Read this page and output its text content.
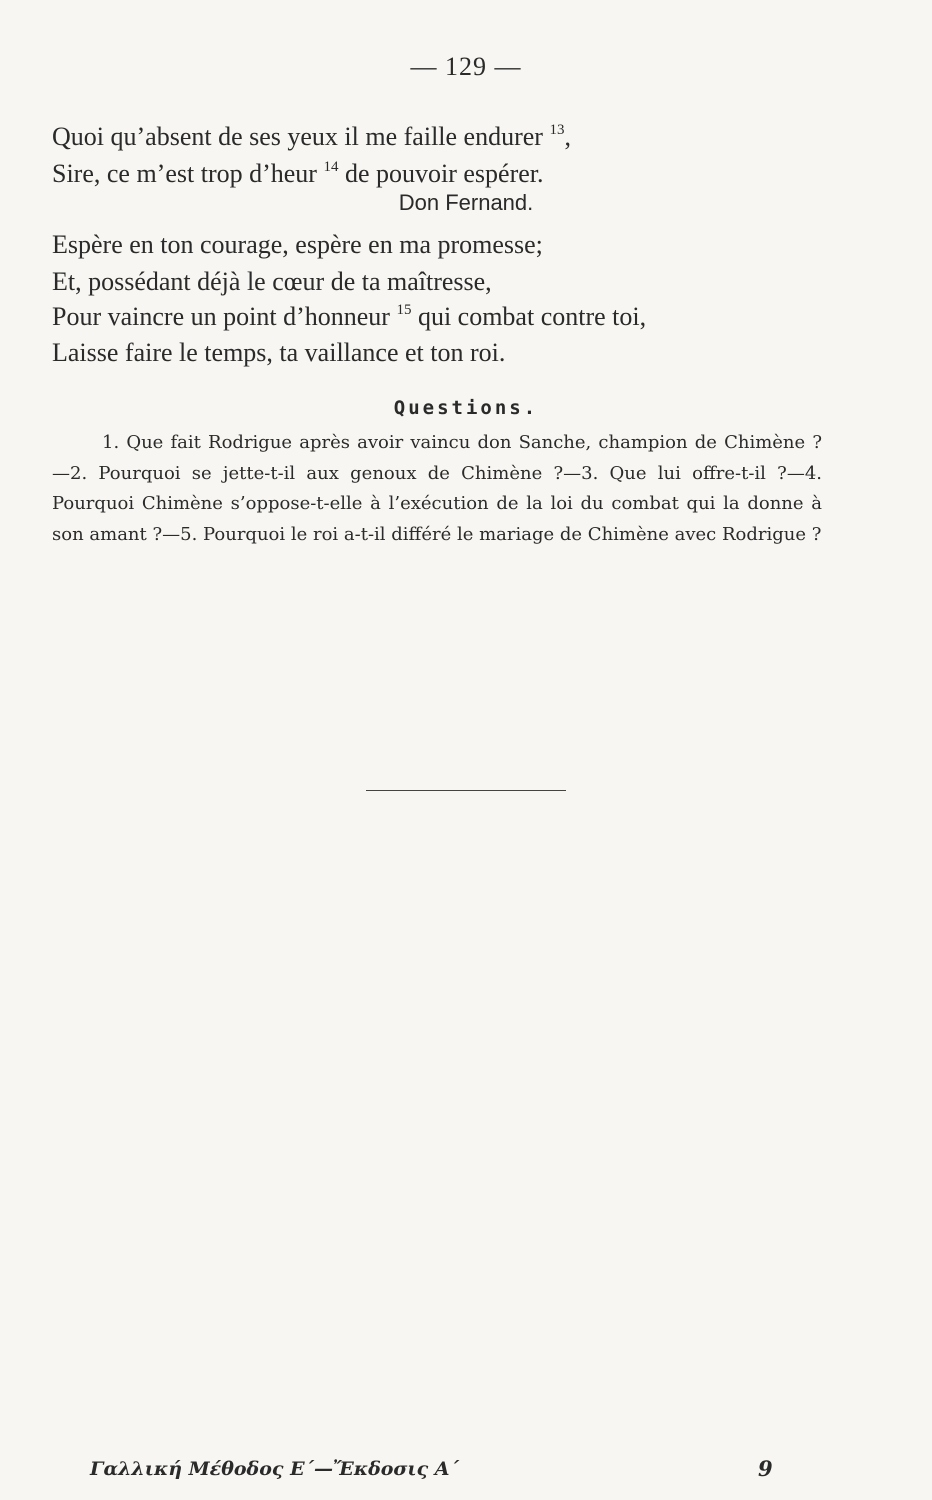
— 129 —
Quoi qu’absent de ses yeux il me faille endurer $^{13}$,
Sire, ce m’est trop d’heur $^{14}$ de pouvoir espérer.
Don Fernand.
Espère en ton courage, espère en ma promesse;
Et, possédant déjà le cœur de ta maîtresse,
Pour vaincre un point d’honneur $^{15}$ qui combat contre toi,
Laisse faire le temps, ta vaillance et ton roi.
Questions.
1. Que fait Rodrigue après avoir vaincu don Sanche, champion de Chimène ?—2. Pourquoi se jette-t-il aux genoux de Chimène ?—3. Que lui offre-t-il ?—4. Pourquoi Chimène s’oppose-t-elle à l’exécution de la loi du combat qui la donne à son amant ?—5. Pourquoi le roi a-t-il différé le mariage de Chimène avec Rodrigue ?
Γαλλική Μέθοδος Ε΄—Ἔκδοσις Α΄	9
